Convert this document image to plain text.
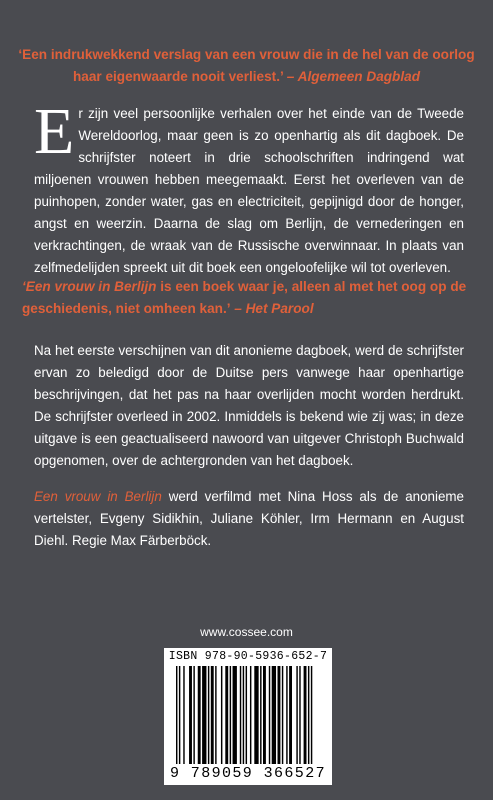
‘Een indrukwekkend verslag van een vrouw die in de hel van de oorlog haar eigenwaarde nooit verliest.’ – Algemeen Dagblad
Er zijn veel persoonlijke verhalen over het einde van de Tweede Wereldoorlog, maar geen is zo openhartig als dit dagboek. De schrijfster noteert in drie schoolschriften indringend wat miljoenen vrouwen hebben meegemaakt. Eerst het overleven van de puinhopen, zonder water, gas en electriciteit, gepijnigd door de honger, angst en weerzin. Daarna de slag om Berlijn, de vernederingen en verkrachtingen, de wraak van de Russische overwinnaar. In plaats van zelfmedelijden spreekt uit dit boek een ongeloofelijke wil tot overleven.
‘Een vrouw in Berlijn is een boek waar je, alleen al met het oog op de geschiedenis, niet omheen kan.’ – Het Parool
Na het eerste verschijnen van dit anonieme dagboek, werd de schrijfster ervan zo beledigd door de Duitse pers vanwege haar openhartige beschrijvingen, dat het pas na haar overlijden mocht worden herdrukt. De schrijfster overleed in 2002. Inmiddels is bekend wie zij was; in deze uitgave is een geactualiseerd nawoord van uitgever Christoph Buchwald opgenomen, over de achtergronden van het dagboek.
Een vrouw in Berlijn werd verfilmd met Nina Hoss als de anonieme vertelster, Evgeny Sidikhin, Juliane Köhler, Irm Hermann en August Diehl. Regie Max Färberböck.
www.cossee.com
ISBN 978-90-5936-652-7
9 789059 366527
